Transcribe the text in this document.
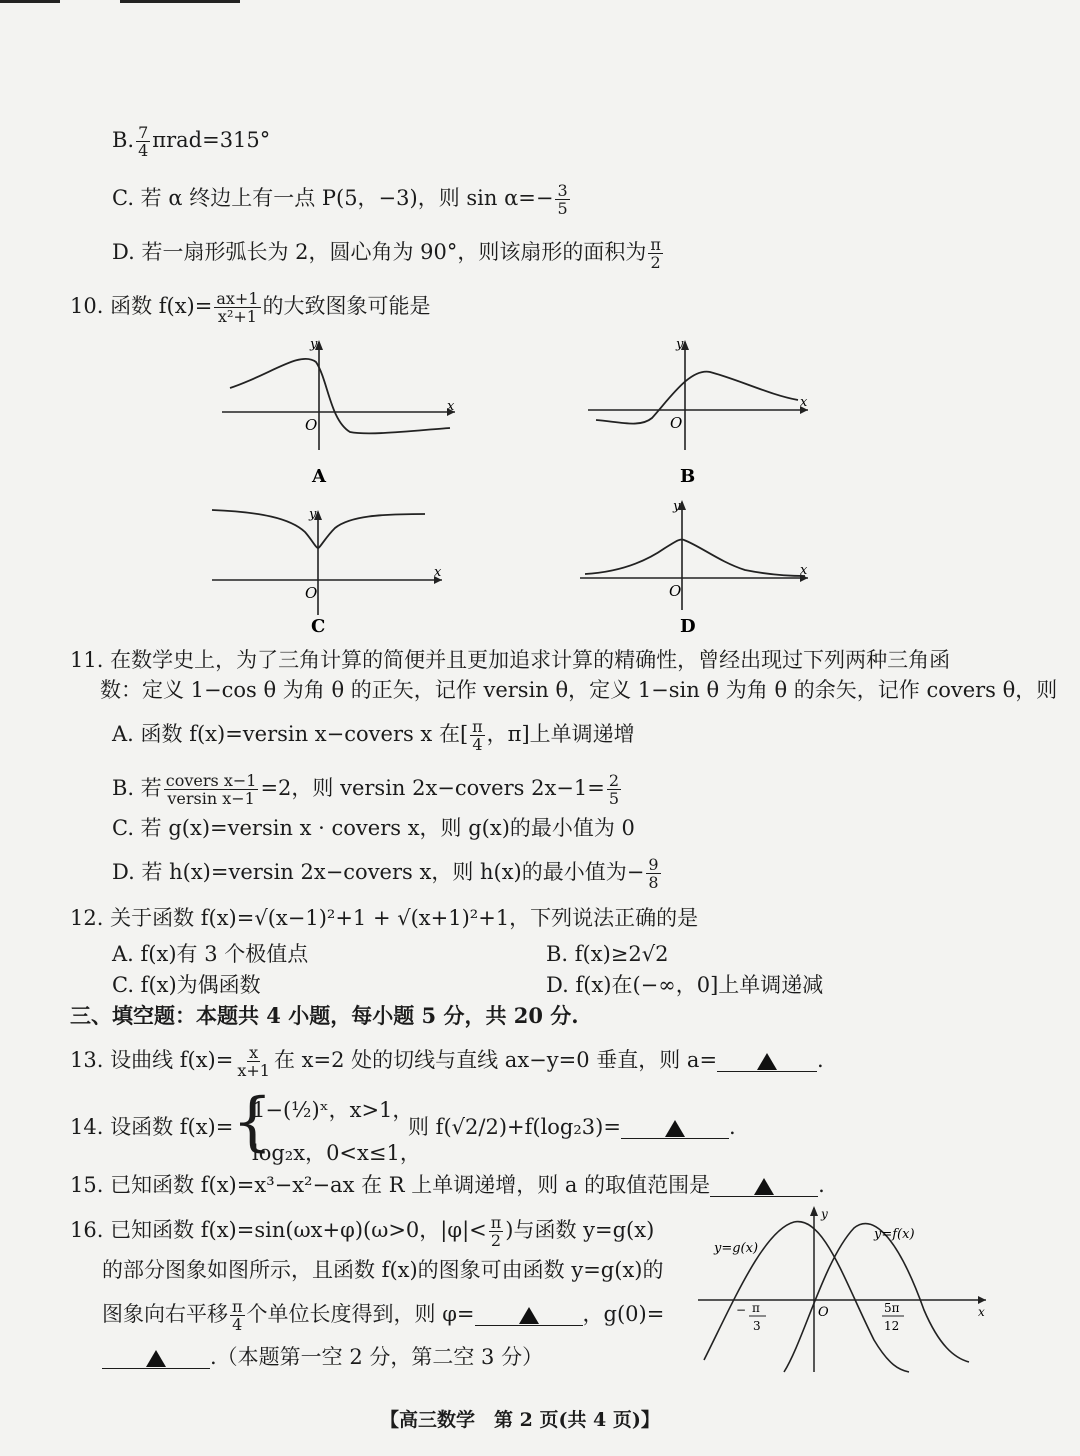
B. $\frac{7}{4} \pi rad=315^\circ$
C. 若 α 终边上有一点 P(5，−3)，则 $\sin \alpha=- \frac{3}{5}$
D. 若一扇形弧长为 2，圆心角为 90°，则该扇形的面积为 $\frac{\pi}{2}$
10. 函数 $f(x)= \frac{ax+1}{\text{x²+1}}$ 的大致图象可能是
x
y
O
A
x
y
O
B
x
y
O
C
x
y
O
D
11. 在数学史上，为了三角计算的简便并且更加追求计算的精确性，曾经出现过下列两种三角函
数：定义 1−cos θ 为角 θ 的正矢，记作 versin θ，定义 1−sin θ 为角 θ 的余矢，记作 covers θ，则
A. 函数 f(x)=versin x−covers x 在[ $\frac{\pi}{4}$ ，π]上单调递增
B. 若 $\frac{\text{covers x−1}}{\text{versin x−1}} =2$，则 versin 2x−covers $2x-1= \frac{2}{5}$
C. 若 g(x)=versin x · covers x，则 g(x)的最小值为 0
D. 若 h(x)=versin 2x−covers x，则 h(x)的最小值为− $\frac{9}{8}$
12. 关于函数 f(x)=√(x−1)²+1 + √(x+1)²+1，下列说法正确的是
A. f(x)有 3 个极值点	B. f(x)≥2√2
C. f(x)为偶函数	D. f(x)在(−∞，0]上单调递减
三、填空题：本题共 4 小题，每小题 5 分，共 20 分.
13. 设曲线 $f(x)= \frac{x}{x+1}$ 在 x=2 处的切线与直线 ax−y=0 垂直，则 a=	.
14. 设函数 f(x)=
{
1−(½)ˣ，x>1，
log₂x，0<x≤1，
则 f(√2/2)+f(log₂3)=	.
15. 已知函数 f(x)=x³−x²−ax 在 R 上单调递增，则 a 的取值范围是	.
16. 已知函数 f(x)=sin(ωx+φ)(ω>0，$|\varphi|< \frac{\pi}{2}$ )与函数 y=g(x)
的部分图象如图所示，且函数 f(x)的图象可由函数 y=g(x)的
图象向右平移 $\frac{\pi}{4}$ 个单位长度得到，则 φ=	，g(0)=
.（本题第一空 2 分，第二空 3 分）
x
y
O
y=g(x)
y=f(x)
− π
3
5π
12
【高三数学　第 2 页(共 4 页)】
